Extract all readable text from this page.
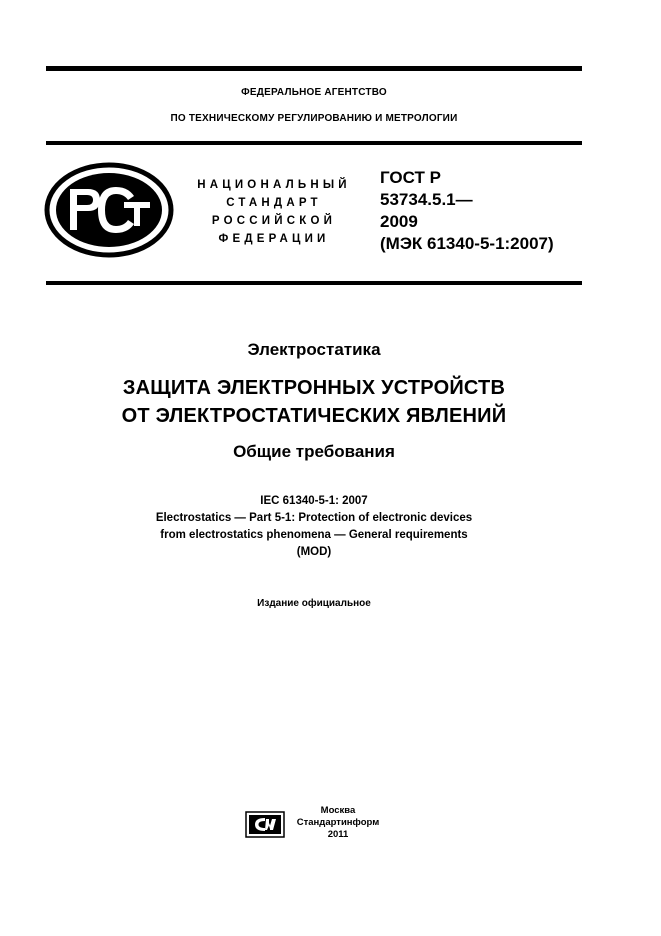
ФЕДЕРАЛЬНОЕ АГЕНТСТВО
ПО ТЕХНИЧЕСКОМУ РЕГУЛИРОВАНИЮ И МЕТРОЛОГИИ
НАЦИОНАЛЬНЫЙ
СТАНДАРТ
РОССИЙСКОЙ
ФЕДЕРАЦИИ
ГОСТ Р
53734.5.1—
2009
(МЭК 61340-5-1:2007)
Электростатика
ЗАЩИТА ЭЛЕКТРОННЫХ УСТРОЙСТВ
ОТ ЭЛЕКТРОСТАТИЧЕСКИХ ЯВЛЕНИЙ
Общие требования
IEC 61340-5-1: 2007
Electrostatics — Part 5-1: Protection of electronic devices
from electrostatics phenomena — General requirements
(MOD)
Издание официальное
Москва
Стандартинформ
2011
